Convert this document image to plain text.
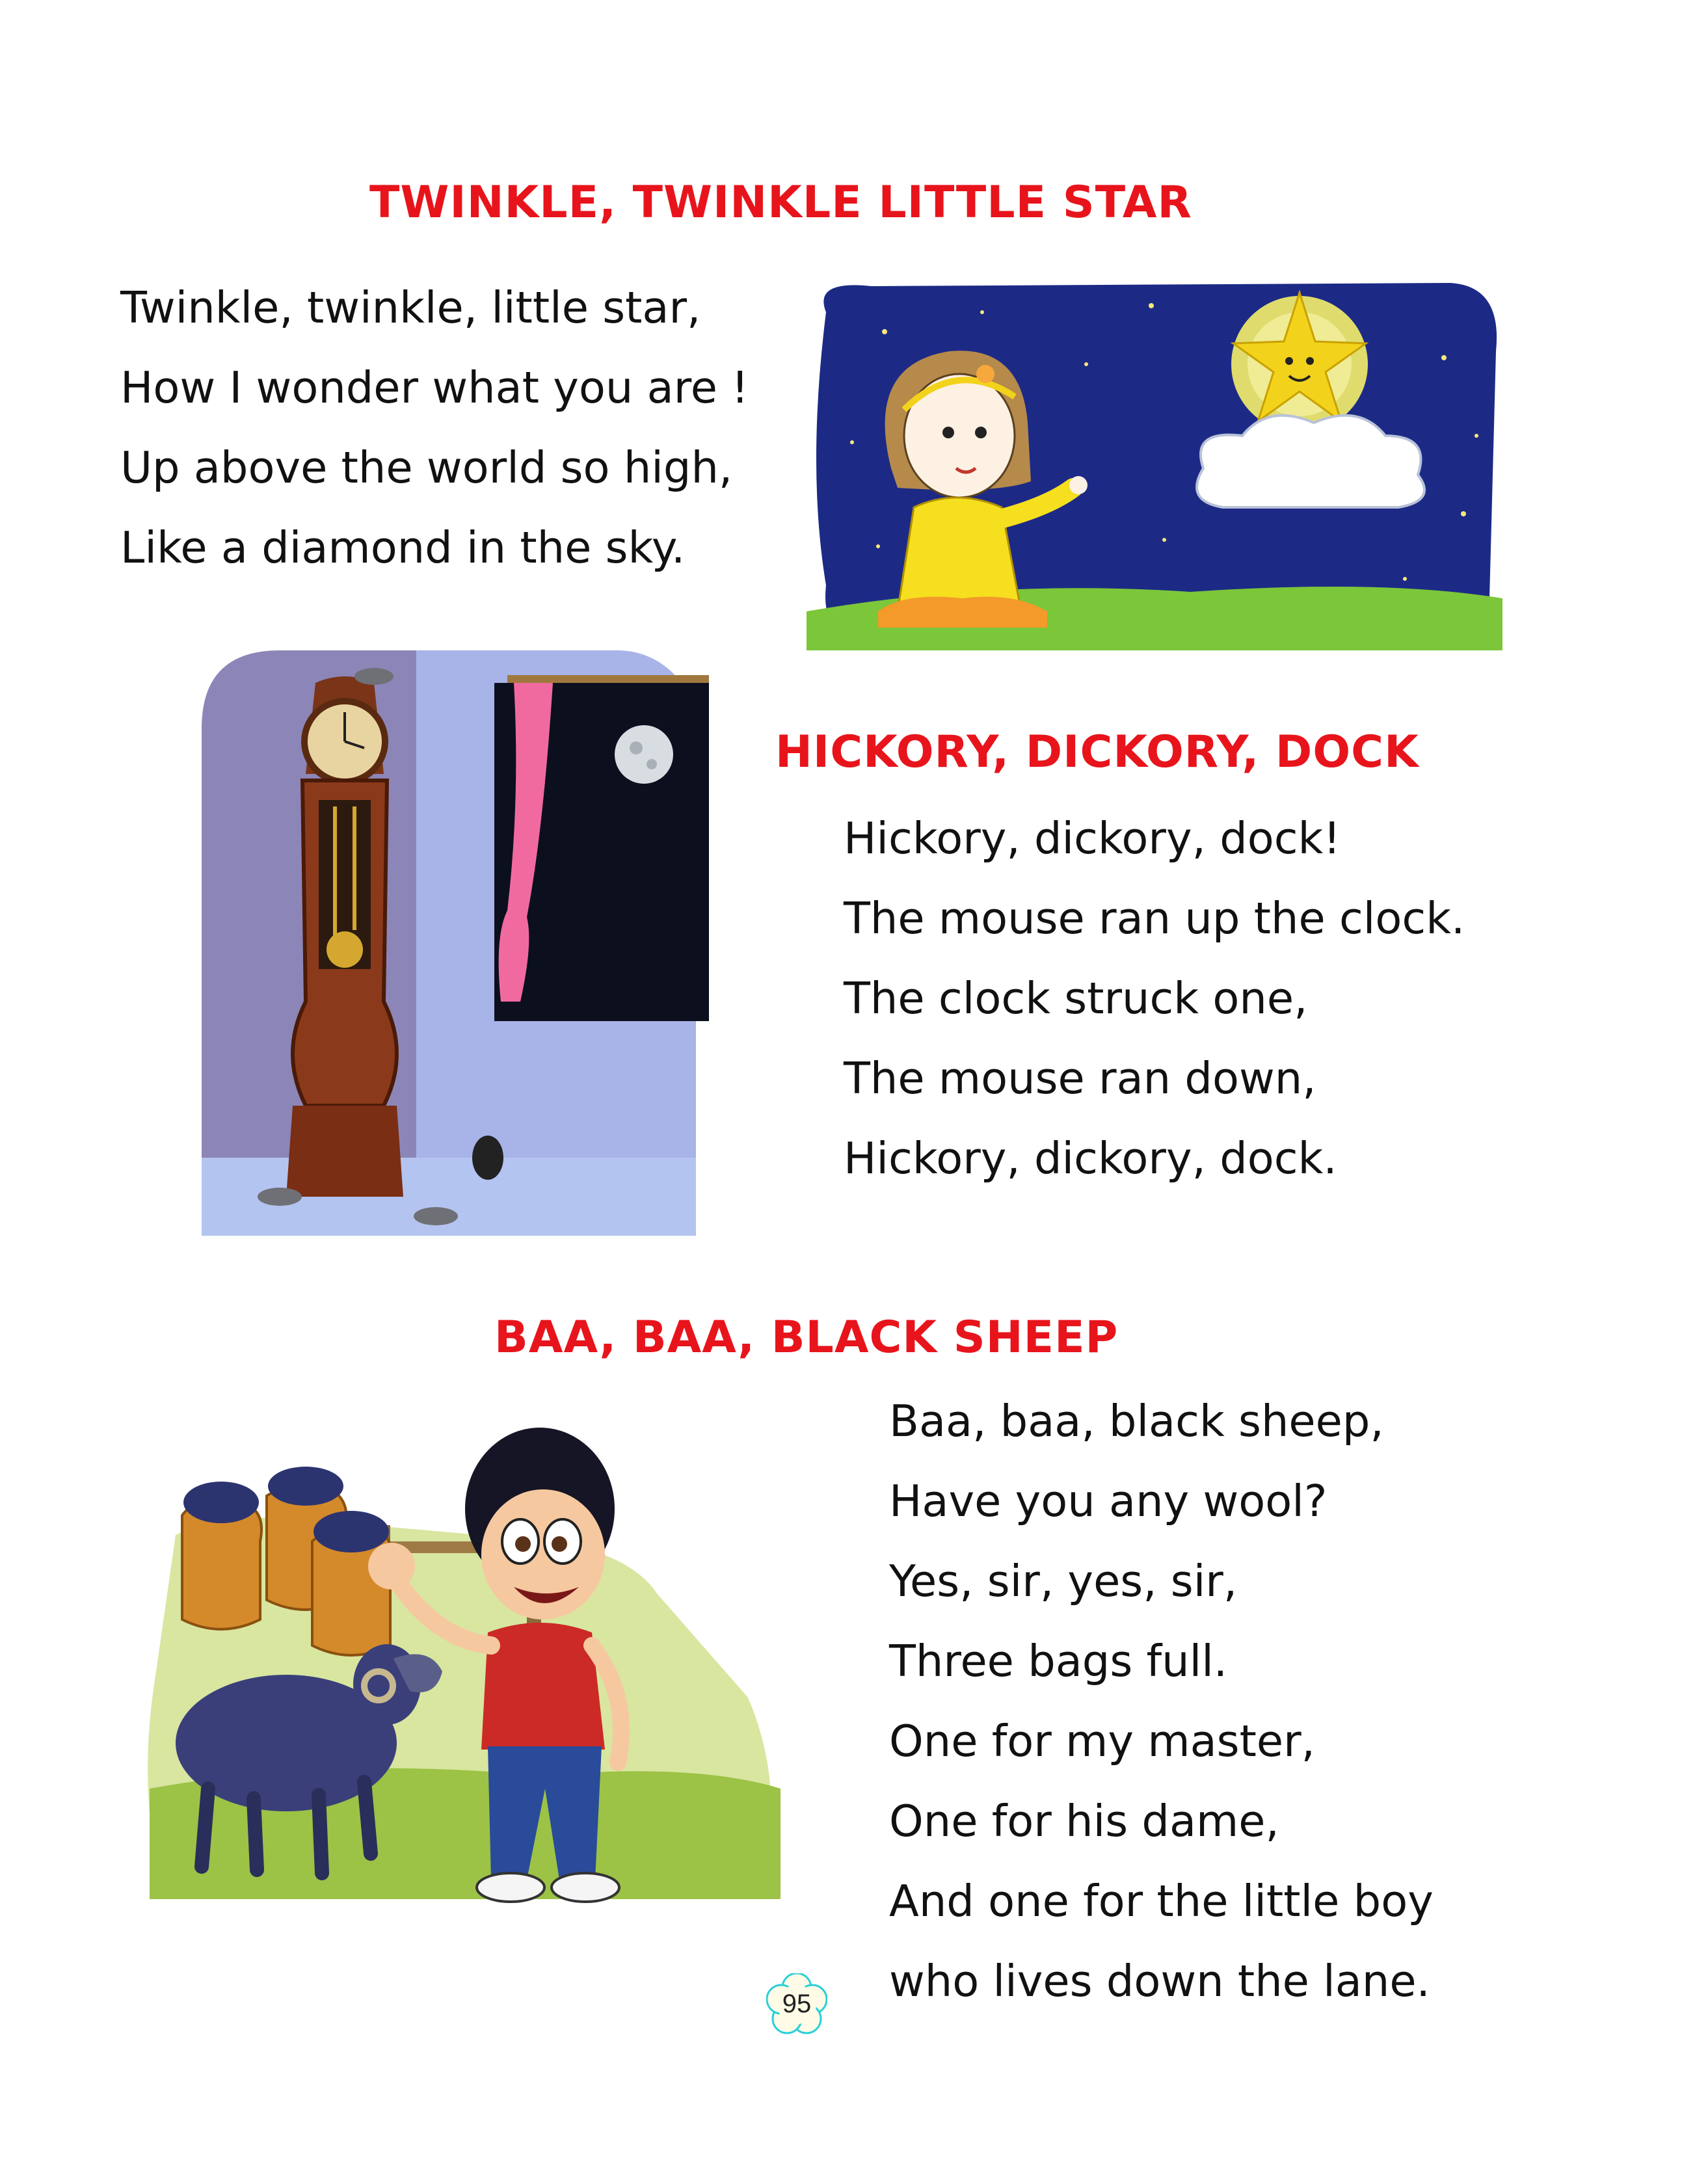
TWINKLE, TWINKLE LITTLE STAR
Twinkle, twinkle, little star,
How I wonder what you are !
Up above the world so high,
Like a diamond in the sky.
HICKORY, DICKORY, DOCK
Hickory, dickory, dock!
The mouse ran up the clock.
The clock struck one,
The mouse ran down,
Hickory, dickory, dock.
BAA, BAA, BLACK SHEEP
Baa, baa, black sheep,
Have you any wool?
Yes, sir, yes, sir,
Three bags full.
One for my master,
One for his dame,
And one for the little boy
who lives down the lane.
95
